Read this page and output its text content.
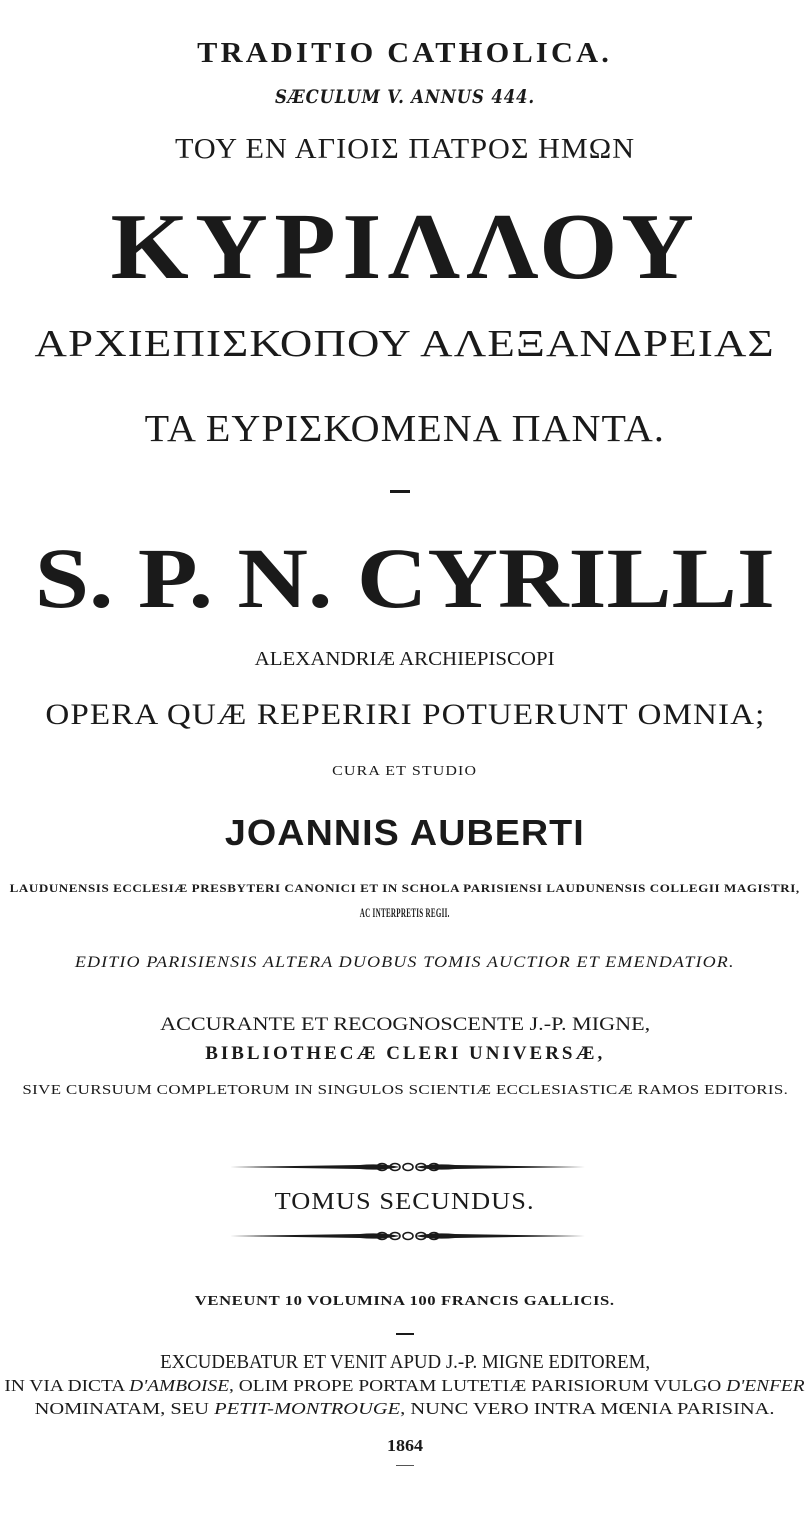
TRADITIO CATHOLICA.
SÆCULUM V. ANNUS 444.
ΤΟΥ ΕΝ ΑΓΙΟΙΣ ΠΑΤΡΟΣ ΗΜΩΝ
ΚΥΡΙΛΛΟΥ
ΑΡΧΙΕΠΙΣΚΟΠΟΥ ΑΛΕΞΑΝΔΡΕΙΑΣ
ΤΑ ΕΥΡΙΣΚΟΜΕΝΑ ΠΑΝΤΑ.
S. P. N. CYRILLI
ALEXANDRIÆ ARCHIEPISCOPI
OPERA QUÆ REPERIRI POTUERUNT OMNIA;
CURA ET STUDIO
JOANNIS AUBERTI
LAUDUNENSIS ECCLESIÆ PRESBYTERI CANONICI ET IN SCHOLA PARISIENSI LAUDUNENSIS COLLEGII MAGISTRI,
AC INTERPRETIS REGII.
EDITIO PARISIENSIS ALTERA DUOBUS TOMIS AUCTIOR ET EMENDATIOR.
ACCURANTE ET RECOGNOSCENTE J.-P. MIGNE,
BIBLIOTHECÆ CLERI UNIVERSÆ,
SIVE CURSUUM COMPLETORUM IN SINGULOS SCIENTIÆ ECCLESIASTICÆ RAMOS EDITORIS.
TOMUS SECUNDUS.
VENEUNT 10 VOLUMINA 100 FRANCIS GALLICIS.
EXCUDEBATUR ET VENIT APUD J.-P. MIGNE EDITOREM,
IN VIA DICTA D'AMBOISE, OLIM PROPE PORTAM LUTETIÆ PARISIORUM VULGO D'ENFER
NOMINATAM, SEU PETIT-MONTROUGE, NUNC VERO INTRA MŒNIA PARISINA.
1864
